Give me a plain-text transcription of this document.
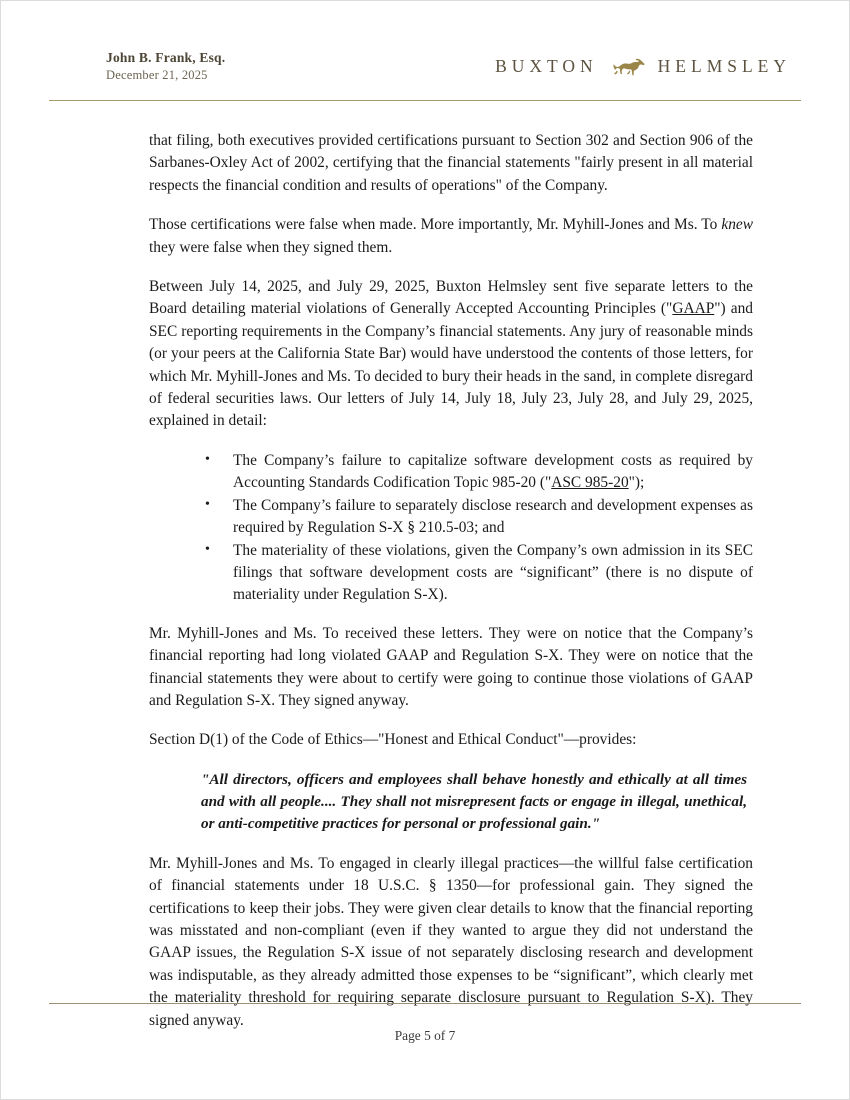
John B. Frank, Esq.
December 21, 2025	BUXTON	HELMSLEY

that filing, both executives provided certifications pursuant to Section 302 and Section 906 of the Sarbanes-Oxley Act of 2002, certifying that the financial statements "fairly present in all material respects the financial condition and results of operations" of the Company.

Those certifications were false when made. More importantly, Mr. Myhill-Jones and Ms. To knew they were false when they signed them.

Between July 14, 2025, and July 29, 2025, Buxton Helmsley sent five separate letters to the Board detailing material violations of Generally Accepted Accounting Principles ("GAAP") and SEC reporting requirements in the Company’s financial statements. Any jury of reasonable minds (or your peers at the California State Bar) would have understood the contents of those letters, for which Mr. Myhill-Jones and Ms. To decided to bury their heads in the sand, in complete disregard of federal securities laws. Our letters of July 14, July 18, July 23, July 28, and July 29, 2025, explained in detail:

• The Company’s failure to capitalize software development costs as required by Accounting Standards Codification Topic 985-20 ("ASC 985-20");
• The Company’s failure to separately disclose research and development expenses as required by Regulation S-X § 210.5-03; and
• The materiality of these violations, given the Company’s own admission in its SEC filings that software development costs are “significant” (there is no dispute of materiality under Regulation S-X).

Mr. Myhill-Jones and Ms. To received these letters. They were on notice that the Company’s financial reporting had long violated GAAP and Regulation S-X. They were on notice that the financial statements they were about to certify were going to continue those violations of GAAP and Regulation S-X. They signed anyway.

Section D(1) of the Code of Ethics—"Honest and Ethical Conduct"—provides:

"All directors, officers and employees shall behave honestly and ethically at all times and with all people.... They shall not misrepresent facts or engage in illegal, unethical, or anti-competitive practices for personal or professional gain."

Mr. Myhill-Jones and Ms. To engaged in clearly illegal practices—the willful false certification of financial statements under 18 U.S.C. § 1350—for professional gain. They signed the certifications to keep their jobs. They were given clear details to know that the financial reporting was misstated and non-compliant (even if they wanted to argue they did not understand the GAAP issues, the Regulation S-X issue of not separately disclosing research and development was indisputable, as they already admitted those expenses to be “significant”, which clearly met the materiality threshold for requiring separate disclosure pursuant to Regulation S-X). They signed anyway.

Page 5 of 7
